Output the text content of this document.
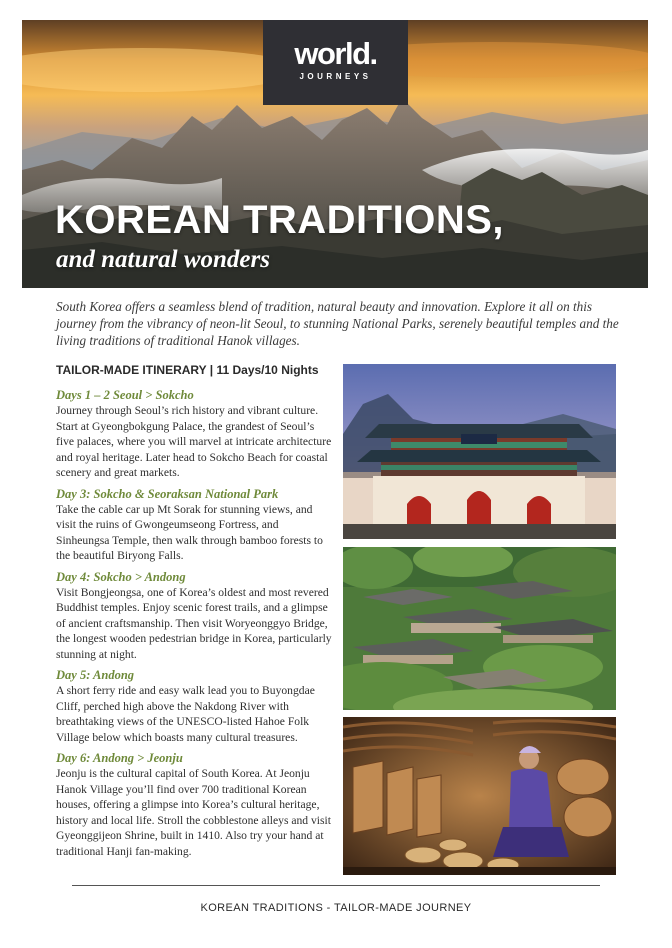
world.
JOURNEYS
KOREAN TRADITIONS,
and natural wonders

South Korea offers a seamless blend of tradition, natural beauty and innovation. Explore it all on this journey from the vibrancy of neon-lit Seoul, to stunning National Parks, serenely beautiful temples and the living traditions of traditional Hanok villages.

TAILOR-MADE ITINERARY | 11 Days/10 Nights
Days 1 – 2 Seoul > Sokcho
Journey through Seoul’s rich history and vibrant culture. Start at Gyeongbokgung Palace, the grandest of Seoul’s five palaces, where you will marvel at intricate architecture and royal heritage. Later head to Sokcho Beach for coastal scenery and great markets.
Day 3: Sokcho & Seoraksan National Park
Take the cable car up Mt Sorak for stunning views, and visit the ruins of Gwongeumseong Fortress, and Sinheungsa Temple, then walk through bamboo forests to the beautiful Biryong Falls.
Day 4: Sokcho > Andong
Visit Bongjeongsa, one of Korea’s oldest and most revered Buddhist temples. Enjoy scenic forest trails, and a glimpse of ancient craftsmanship. Then visit Woryeonggyo Bridge, the longest wooden pedestrian bridge in Korea, particularly stunning at night.
Day 5: Andong
A short ferry ride and easy walk lead you to Buyongdae Cliff, perched high above the Nakdong River with breathtaking views of the UNESCO-listed Hahoe Folk Village below which boasts many cultural treasures.
Day 6: Andong > Jeonju
Jeonju is the cultural capital of South Korea. At Jeonju Hanok Village you’ll find over 700 traditional Korean houses, offering a glimpse into Korea’s cultural heritage, history and local life. Stroll the cobblestone alleys and visit Gyeonggijeon Shrine, built in 1410. Also try your hand at traditional Hanji fan-making.
KOREAN TRADITIONS - TAILOR-MADE JOURNEY
